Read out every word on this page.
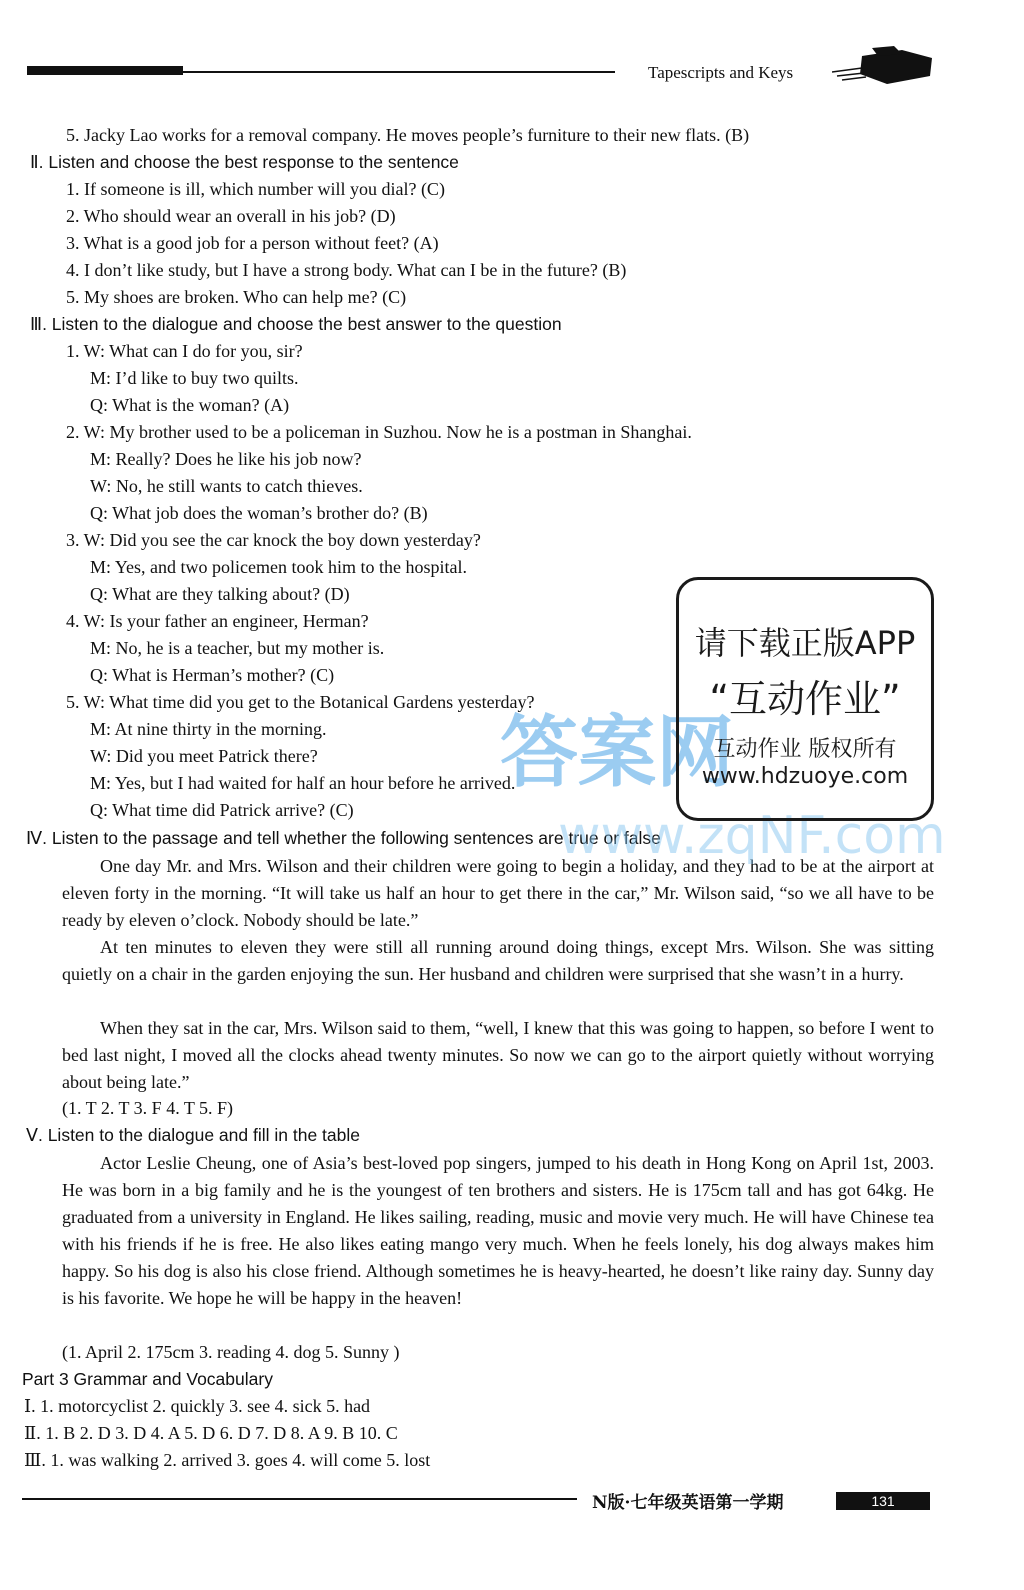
Tapescripts and Keys
5. Jacky Lao works for a removal company. He moves people’s furniture to their new flats. (B)
Ⅱ. Listen and choose the best response to the sentence
1. If someone is ill, which number will you dial? (C)
2. Who should wear an overall in his job? (D)
3. What is a good job for a person without feet? (A)
4. I don’t like study, but I have a strong body. What can I be in the future? (B)
5. My shoes are broken. Who can help me? (C)
Ⅲ. Listen to the dialogue and choose the best answer to the question
1. W: What can I do for you, sir?
M: I’d like to buy two quilts.
Q: What is the woman? (A)
2. W: My brother used to be a policeman in Suzhou. Now he is a postman in Shanghai.
M: Really? Does he like his job now?
W: No, he still wants to catch thieves.
Q: What job does the woman’s brother do? (B)
3. W: Did you see the car knock the boy down yesterday?
M: Yes, and two policemen took him to the hospital.
Q: What are they talking about? (D)
4. W: Is your father an engineer, Herman?
M: No, he is a teacher, but my mother is.
Q: What is Herman’s mother? (C)
5. W: What time did you get to the Botanical Gardens yesterday?
M: At nine thirty in the morning.
W: Did you meet Patrick there?
M: Yes, but I had waited for half an hour before he arrived.
Q: What time did Patrick arrive? (C)
Ⅳ. Listen to the passage and tell whether the following sentences are true or false
One day Mr. and Mrs. Wilson and their children were going to begin a holiday, and they had to be at the airport at eleven forty in the morning. “It will take us half an hour to get there in the car,” Mr. Wilson said, “so we all have to be ready by eleven o’clock. Nobody should be late.”
At ten minutes to eleven they were still all running around doing things, except Mrs. Wilson. She was sitting quietly on a chair in the garden enjoying the sun. Her husband and children were surprised that she wasn’t in a hurry.
When they sat in the car, Mrs. Wilson said to them, “well, I knew that this was going to happen, so before I went to bed last night, I moved all the clocks ahead twenty minutes. So now we can go to the airport quietly without worrying about being late.”
(1. T 2. T 3. F 4. T 5. F)
Ⅴ. Listen to the dialogue and fill in the table
Actor Leslie Cheung, one of Asia’s best-loved pop singers, jumped to his death in Hong Kong on April 1st, 2003. He was born in a big family and he is the youngest of ten brothers and sisters. He is 175cm tall and has got 64kg. He graduated from a university in England. He likes sailing, reading, music and movie very much. He will have Chinese tea with his friends if he is free. He also likes eating mango very much. When he feels lonely, his dog always makes him happy. So his dog is also his close friend. Although sometimes he is heavy-hearted, he doesn’t like rainy day. Sunny day is his favorite. We hope he will be happy in the heaven!
(1. April 2. 175cm 3. reading 4. dog 5. Sunny )
Part 3 Grammar and Vocabulary
Ⅰ. 1. motorcyclist 2. quickly 3. see 4. sick 5. had
Ⅱ. 1. B 2. D 3. D 4. A 5. D 6. D 7. D 8. A 9. B 10. C
Ⅲ. 1. was walking 2. arrived 3. goes 4. will come 5. lost
答案网
www.zqNF.com
请下载正版APP
“互动作业”
互动作业 版权所有
www.hdzuoye.com
N版·七年级英语第一学期	131
